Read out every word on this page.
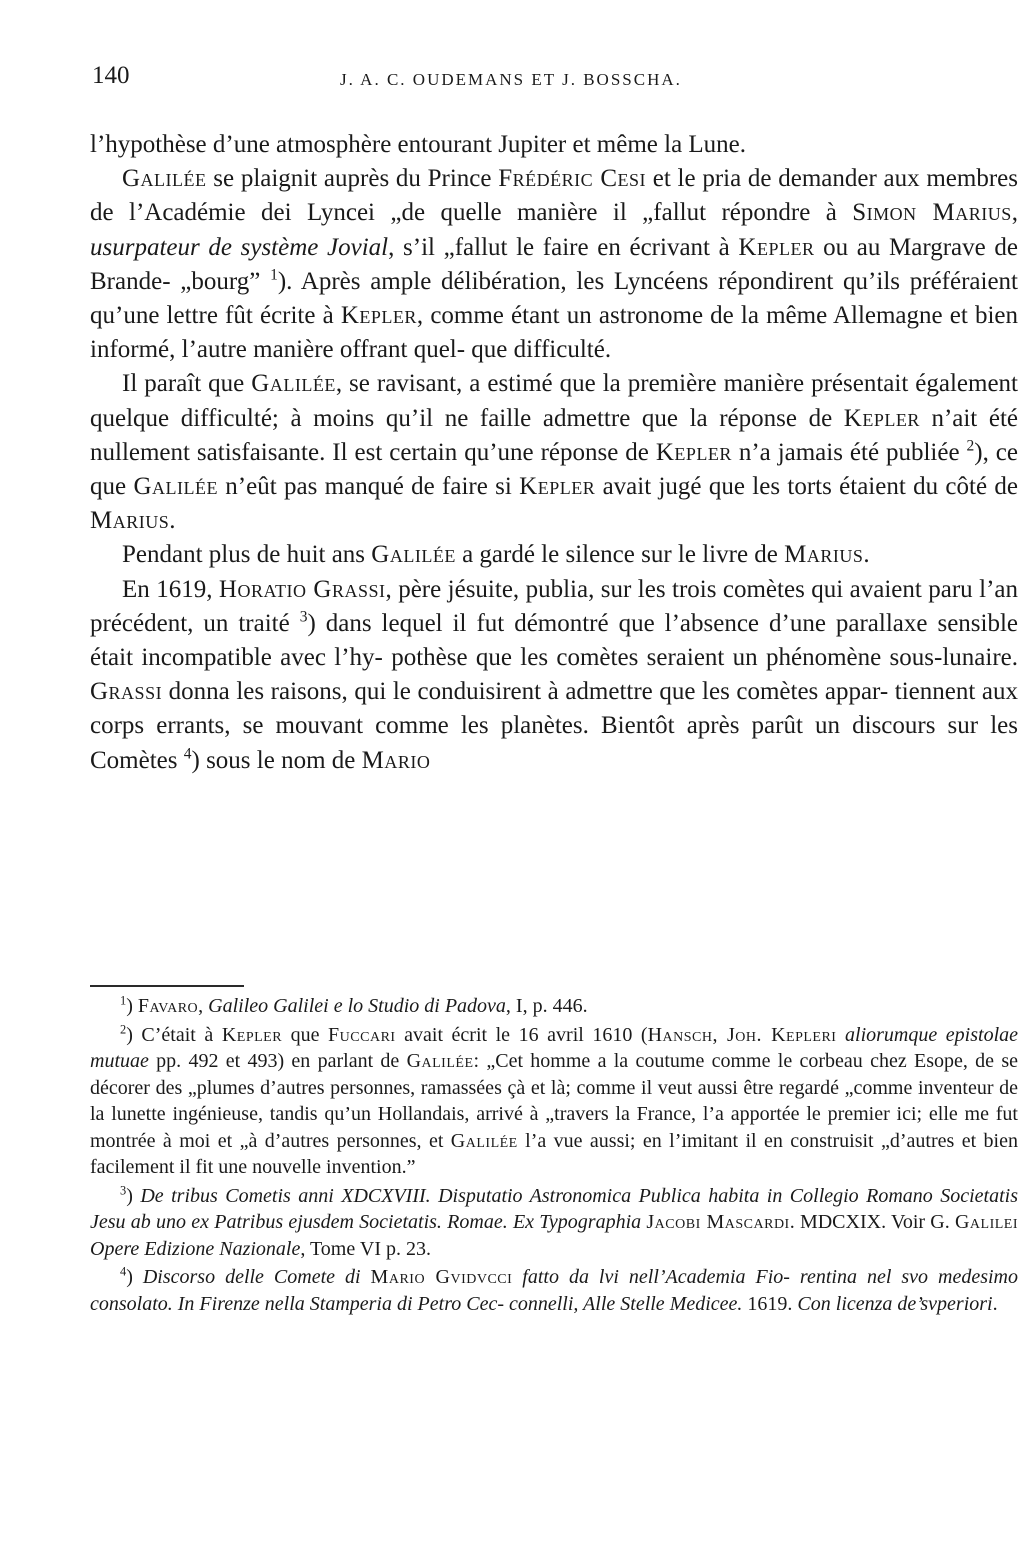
140	J. A. C. OUDEMANS ET J. BOSSCHA.

l’hypothèse d’une atmosphère entourant Jupiter et même la Lune.

Galilée se plaignit auprès du Prince Frédéric Cesi et le pria de demander aux membres de l’Académie dei Lyncei „de quelle manière il „fallut répondre à Simon Marius, usurpateur de système Jovial, s’il „fallut le faire en écrivant à Kepler ou au Margrave de Brande- „bourg” $^1$). Après ample délibération, les Lyncéens répondirent qu’ils préféraient qu’une lettre fût écrite à Kepler, comme étant un astronome de la même Allemagne et bien informé, l’autre manière offrant quel- que difficulté.

Il paraît que Galilée, se ravisant, a estimé que la première manière présentait également quelque difficulté; à moins qu’il ne faille admettre que la réponse de Kepler n’ait été nullement satisfaisante. Il est certain qu’une réponse de Kepler n’a jamais été publiée $^2$), ce que Galilée n’eût pas manqué de faire si Kepler avait jugé que les torts étaient du côté de Marius.

Pendant plus de huit ans Galilée a gardé le silence sur le livre de Marius.

En 1619, Horatio Grassi, père jésuite, publia, sur les trois comètes qui avaient paru l’an précédent, un traité $^3$) dans lequel il fut démontré que l’absence d’une parallaxe sensible était incompatible avec l’hy- pothèse que les comètes seraient un phénomène sous-lunaire. Grassi donna les raisons, qui le conduisirent à admettre que les comètes appar- tiennent aux corps errants, se mouvant comme les planètes. Bientôt après parût un discours sur les Comètes $^4$) sous le nom de Mario

$^1$) Favaro, Galileo Galilei e lo Studio di Padova, I, p. 446.

$^2$) C’était à Kepler que Fuccari avait écrit le 16 avril 1610 (Hansch, Joh. Kepleri aliorumque epistolae mutuae pp. 492 et 493) en parlant de Galilée: „Cet homme a la coutume comme le corbeau chez Esope, de se décorer des „plumes d’autres personnes, ramassées çà et là; comme il veut aussi être regardé „comme inventeur de la lunette ingénieuse, tandis qu’un Hollandais, arrivé à „travers la France, l’a apportée le premier ici; elle me fut montrée à moi et „à d’autres personnes, et Galilée l’a vue aussi; en l’imitant il en construisit „d’autres et bien facilement il fit une nouvelle invention.”

$^3$) De tribus Cometis anni XDCXVIII. Disputatio Astronomica Publica habita in Collegio Romano Societatis Jesu ab uno ex Patribus ejusdem Societatis. Romae. Ex Typographia Jacobi Mascardi. MDCXIX. Voir G. Galilei Opere Edizione Nazionale, Tome VI p. 23.

$^4$) Discorso delle Comete di Mario Gvidvcci fatto da lvi nell’Academia Fio- rentina nel svo medesimo consolato. In Firenze nella Stamperia di Petro Cec- connelli, Alle Stelle Medicee. 1619. Con licenza de’svperiori.
